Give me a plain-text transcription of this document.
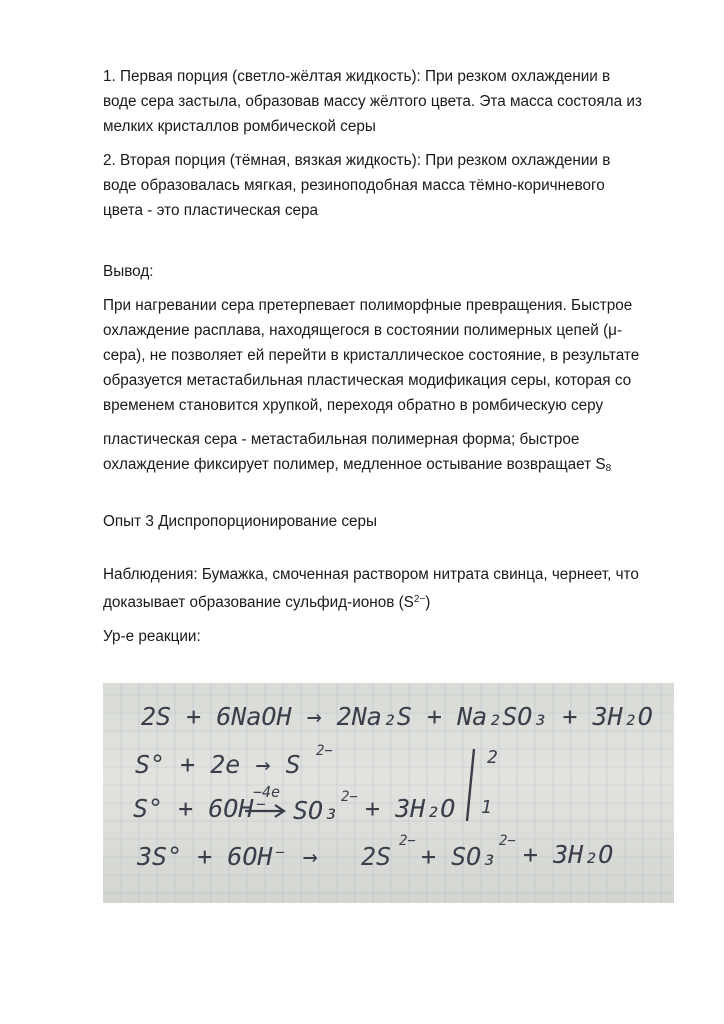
1. Первая порция (светло-жёлтая жидкость): При резком охлаждении в воде сера застыла, образовав массу жёлтого цвета. Эта масса состояла из мелких кристаллов ромбической серы

2. Вторая порция (тёмная, вязкая жидкость): При резком охлаждении в воде образовалась мягкая, резиноподобная масса тёмно-коричневого цвета - это пластическая сера

Вывод:

При нагревании сера претерпевает полиморфные превращения. Быстрое охлаждение расплава, находящегося в состоянии полимерных цепей (μ-сера), не позволяет ей перейти в кристаллическое состояние, в результате образуется метастабильная пластическая модификация серы, которая со временем становится хрупкой, переходя обратно в ромбическую серу

пластическая сера - метастабильная полимерная форма; быстрое охлаждение фиксирует полимер, медленное остывание возвращает $S_8$

Опыт 3 Диспропорционирование серы

Наблюдения: Бумажка, смоченная раствором нитрата свинца, чернеет, что доказывает образование сульфид-ионов $(S^{2-})$

Ур-е реакции:

2S + 6NaOH → 2Na₂S + Na₂SO₃ + 3H₂O
S° + 2e → S 2−	2
S° + 6OH⁻
−4e
SO₃ 2− + 3H₂O 1
3S° + 6OH⁻ → 2S
2−
+ SO₃
2− + 3H₂O
